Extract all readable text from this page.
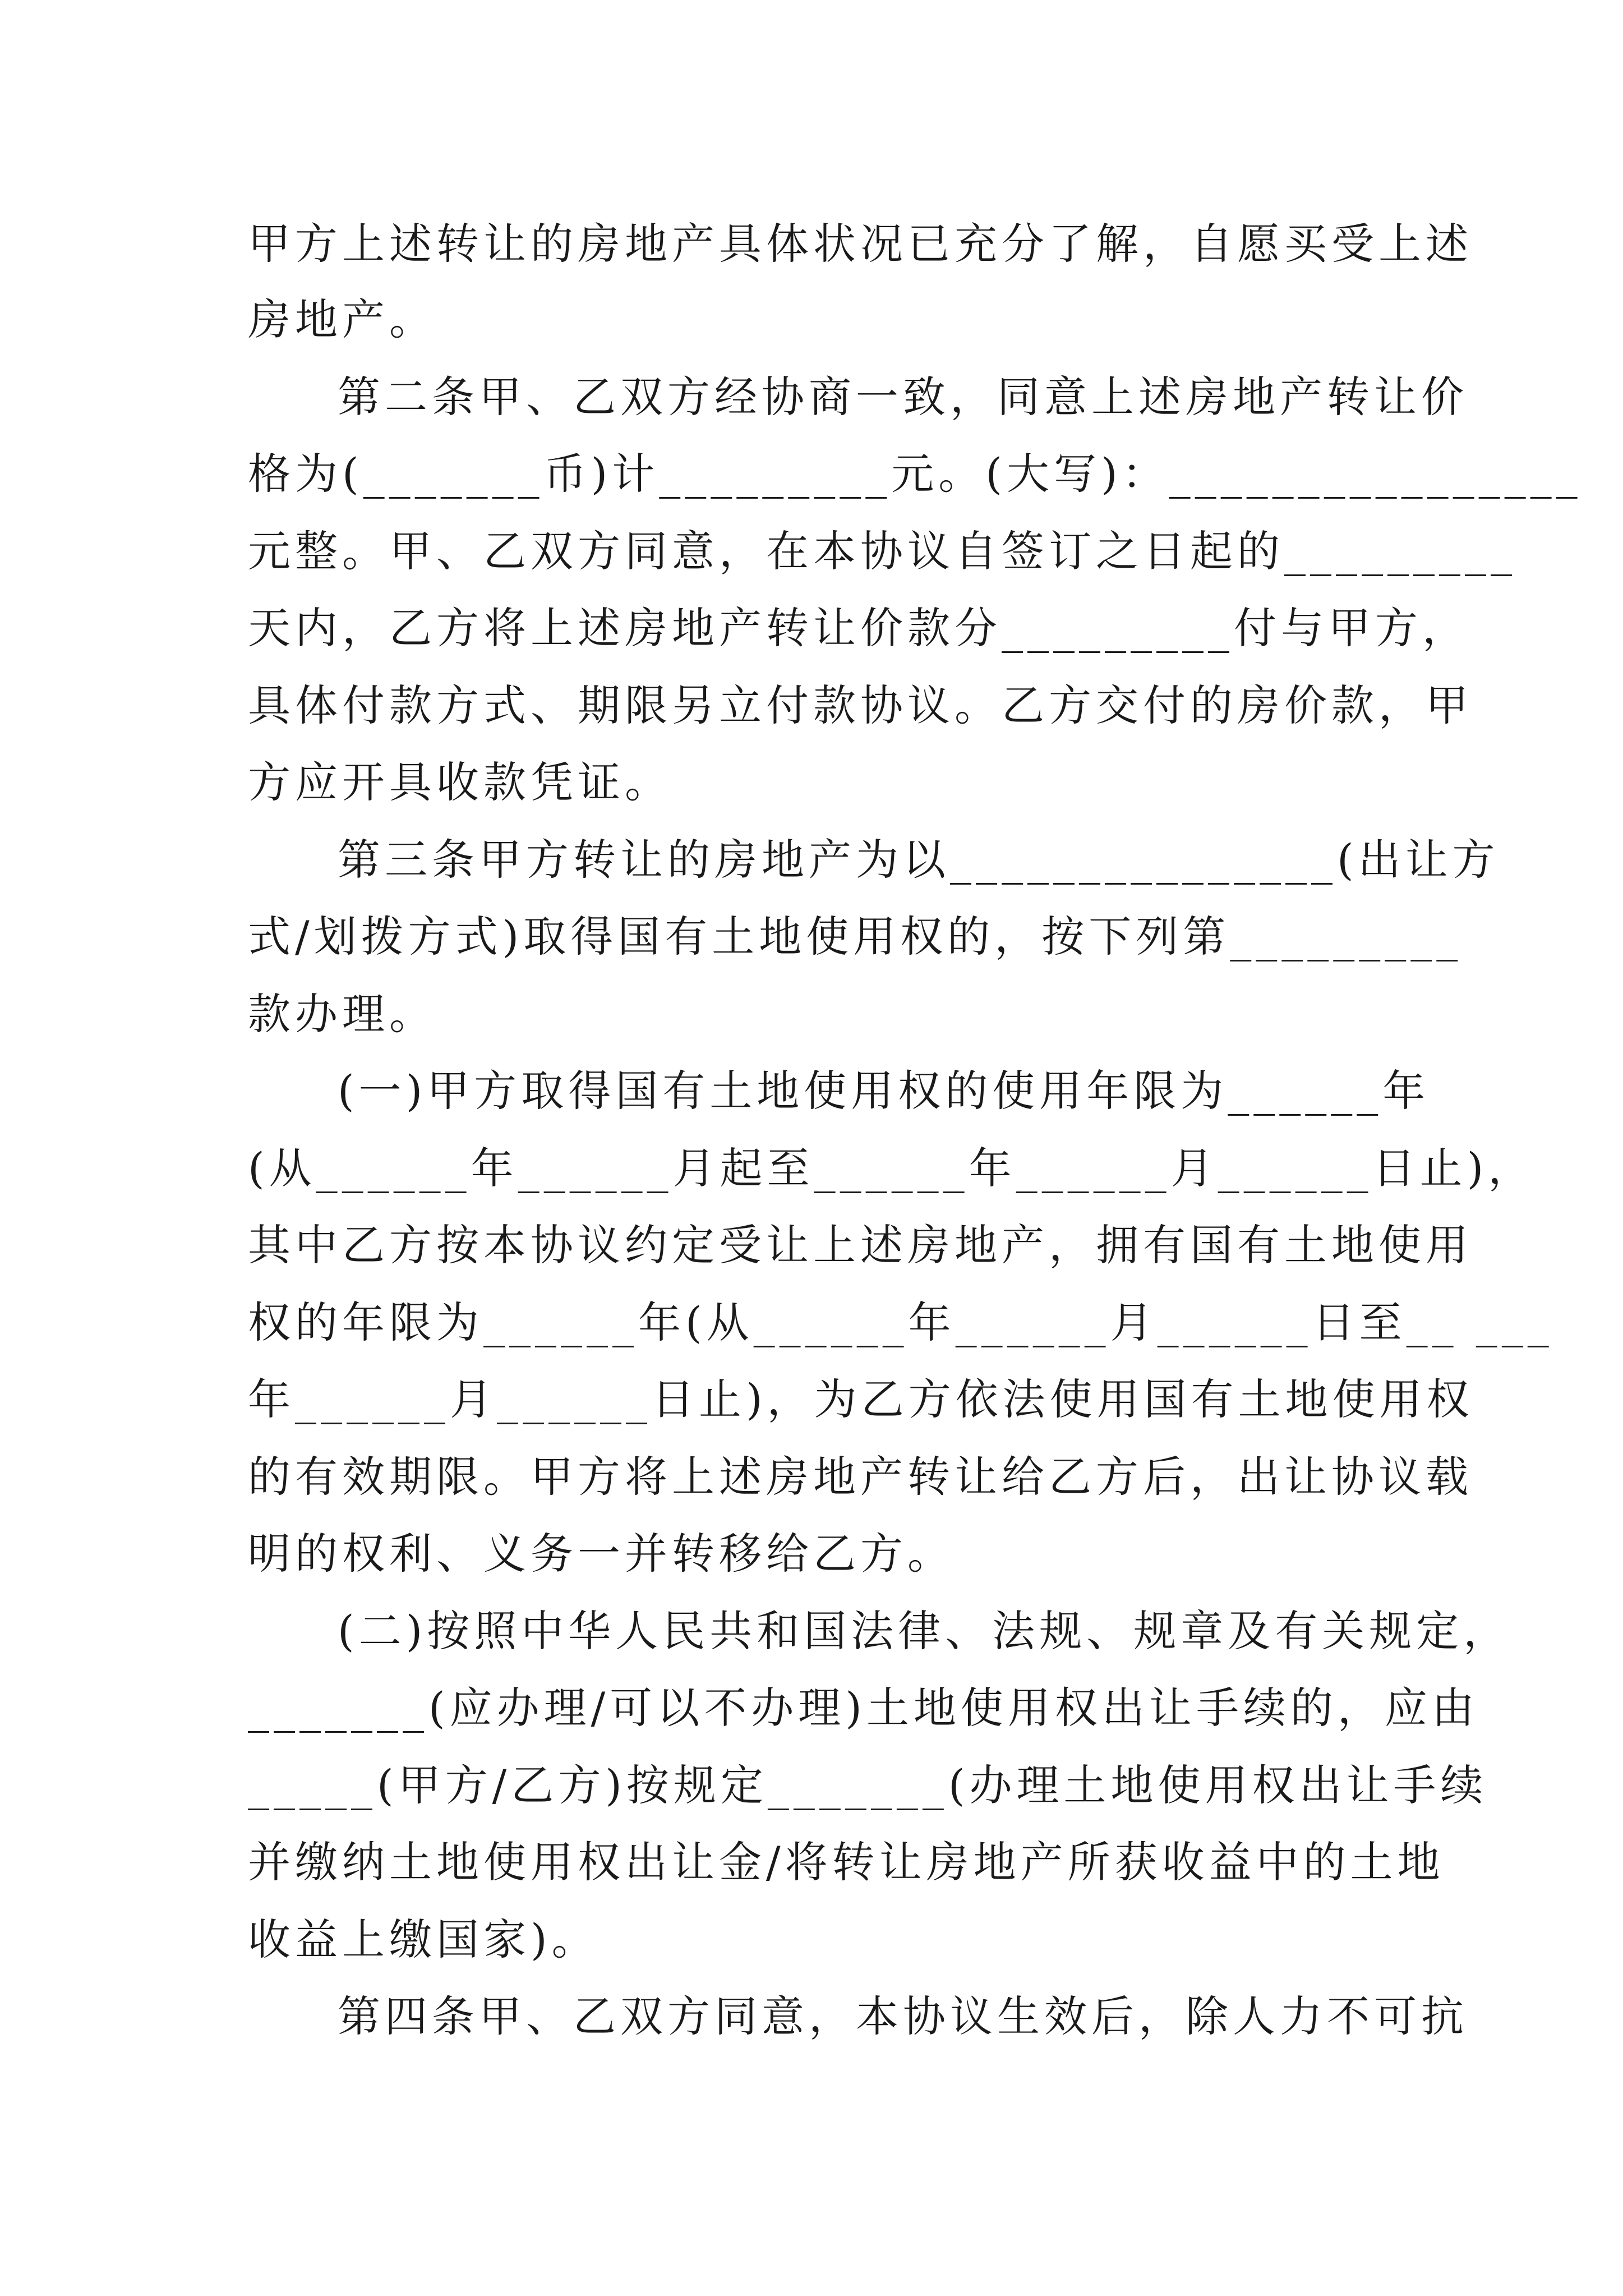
甲方上述转让的房地产具体状况已充分了解，自愿买受上述
房地产。
第二条甲、乙双方经协商一致，同意上述房地产转让价
格为(_______币)计_________元。(大写)：________________
元整。甲、乙双方同意，在本协议自签订之日起的_________
天内，乙方将上述房地产转让价款分_________付与甲方，
具体付款方式、期限另立付款协议。乙方交付的房价款，甲
方应开具收款凭证。
第三条甲方转让的房地产为以_______________(出让方
式/划拨方式)取得国有土地使用权的，按下列第_________
款办理。
(一)甲方取得国有土地使用权的使用年限为______年
(从______年______月起至______年______月______日止)，
其中乙方按本协议约定受让上述房地产，拥有国有土地使用
权的年限为______年(从______年______月______日至__ ___
年______月______日止)，为乙方依法使用国有土地使用权
的有效期限。甲方将上述房地产转让给乙方后，出让协议载
明的权利、义务一并转移给乙方。
(二)按照中华人民共和国法律、法规、规章及有关规定，
_______(应办理/可以不办理)土地使用权出让手续的，应由
_____(甲方/乙方)按规定_______(办理土地使用权出让手续
并缴纳土地使用权出让金/将转让房地产所获收益中的土地
收益上缴国家)。
第四条甲、乙双方同意，本协议生效后，除人力不可抗
